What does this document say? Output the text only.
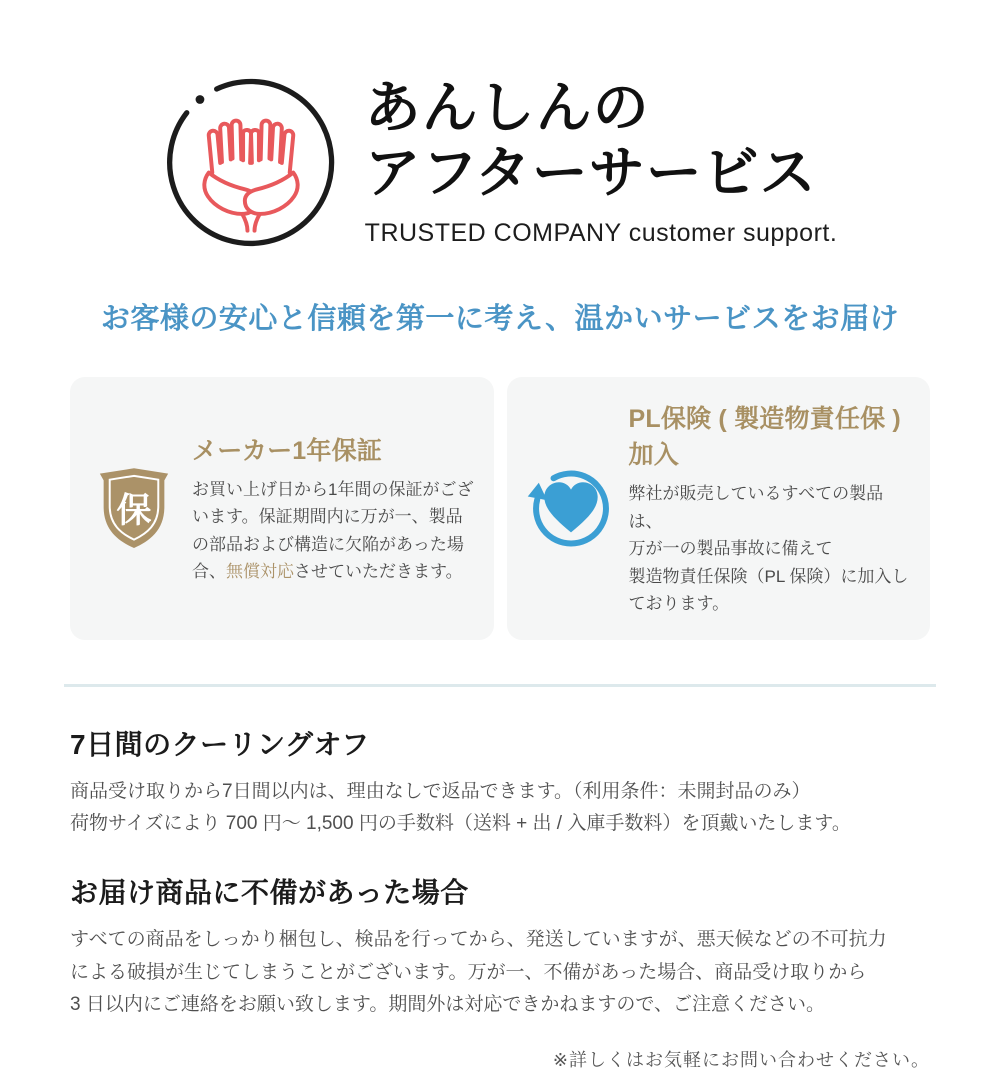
あんしんの
アフターサービス
TRUSTED COMPANY customer support.
お客様の安心と信頼を第一に考え、温かいサービスをお届け
保
メーカー1年保証
お買い上げ日から1年間の保証がございます。保証期間内に万が一、製品の部品および構造に欠陥があった場合、無償対応させていただきます。
PL保険 ( 製造物責任保 ) 加入
弊社が販売しているすべての製品は、
万が一の製品事故に備えて
製造物責任保険（PL 保険）に加入しております。
7日間のクーリングオフ
商品受け取りから7日間以内は、理由なしで返品できます。（利用条件：未開封品のみ）
荷物サイズにより 700 円～ 1,500 円の手数料（送料 + 出 / 入庫手数料）を頂戴いたします。
お届け商品に不備があった場合
すべての商品をしっかり梱包し、検品を行ってから、発送していますが、悪天候などの不可抗力
による破損が生じてしまうことがございます。万が一、不備があった場合、商品受け取りから
3 日以内にご連絡をお願い致します。期間外は対応できかねますので、ご注意ください。
※詳しくはお気軽にお問い合わせください。
